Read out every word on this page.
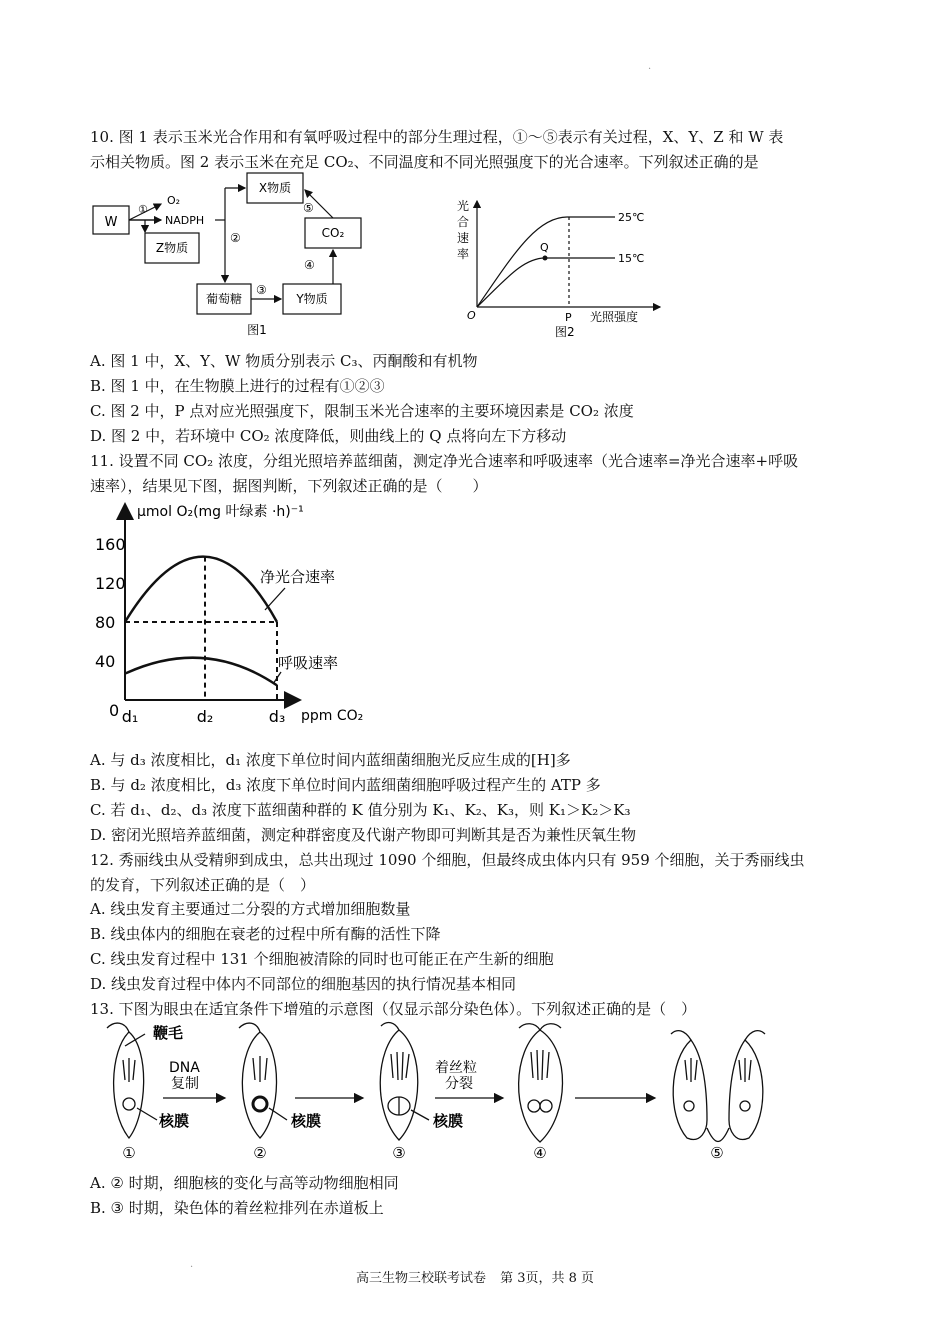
·
10. 图 1 表示玉米光合作用和有氧呼吸过程中的部分生理过程，①～⑤表示有关过程，X、Y、Z 和 W 表
示相关物质。图 2 表示玉米在充足 CO₂、不同温度和不同光照强度下的光合速率。下列叙述正确的是
W
①
O₂
NADPH
Z物质
X物质
CO₂
葡萄糖	Y物质
②
③
④
⑤
图1
光
合
速
率
O	P 光照强度
Q
25℃
15℃
图2
A. 图 1 中，X、Y、W 物质分别表示 C₃、丙酮酸和有机物
B. 图 1 中，在生物膜上进行的过程有①②③
C. 图 2 中，P 点对应光照强度下，限制玉米光合速率的主要环境因素是 CO₂ 浓度
D. 图 2 中，若环境中 CO₂ 浓度降低，则曲线上的 Q 点将向左下方移动
11. 设置不同 CO₂ 浓度，分组光照培养蓝细菌，测定净光合速率和呼吸速率（光合速率=净光合速率+呼吸
速率），结果见下图，据图判断，下列叙述正确的是（　　）
μmol O₂(mg 叶绿素 ·h)⁻¹
ppm CO₂
净光合速率
呼吸速率
160
120
80
40
0 d₁	d₂	d₃
A. 与 d₃ 浓度相比，d₁ 浓度下单位时间内蓝细菌细胞光反应生成的[H]多
B. 与 d₂ 浓度相比，d₃ 浓度下单位时间内蓝细菌细胞呼吸过程产生的 ATP 多
C. 若 d₁、d₂、d₃ 浓度下蓝细菌种群的 K 值分别为 K₁、K₂、K₃，则 K₁＞K₂＞K₃
D. 密闭光照培养蓝细菌，测定种群密度及代谢产物即可判断其是否为兼性厌氧生物
12. 秀丽线虫从受精卵到成虫，总共出现过 1090 个细胞，但最终成虫体内只有 959 个细胞，关于秀丽线虫
的发育，下列叙述正确的是（　）
A. 线虫发育主要通过二分裂的方式增加细胞数量
B. 线虫体内的细胞在衰老的过程中所有酶的活性下降
C. 线虫发育过程中 131 个细胞被清除的同时也可能正在产生新的细胞
D. 线虫发育过程中体内不同部位的细胞基因的执行情况基本相同
13. 下图为眼虫在适宜条件下增殖的示意图（仅显示部分染色体）。下列叙述正确的是（　）
鞭毛
DNA
复制
着丝粒
分裂
核膜	核膜	核膜
①	②	③	④	⑤
A. ② 时期，细胞核的变化与高等动物细胞相同
B. ③ 时期，染色体的着丝粒排列在赤道板上
·
高三生物三校联考试卷 第 3页，共 8 页
